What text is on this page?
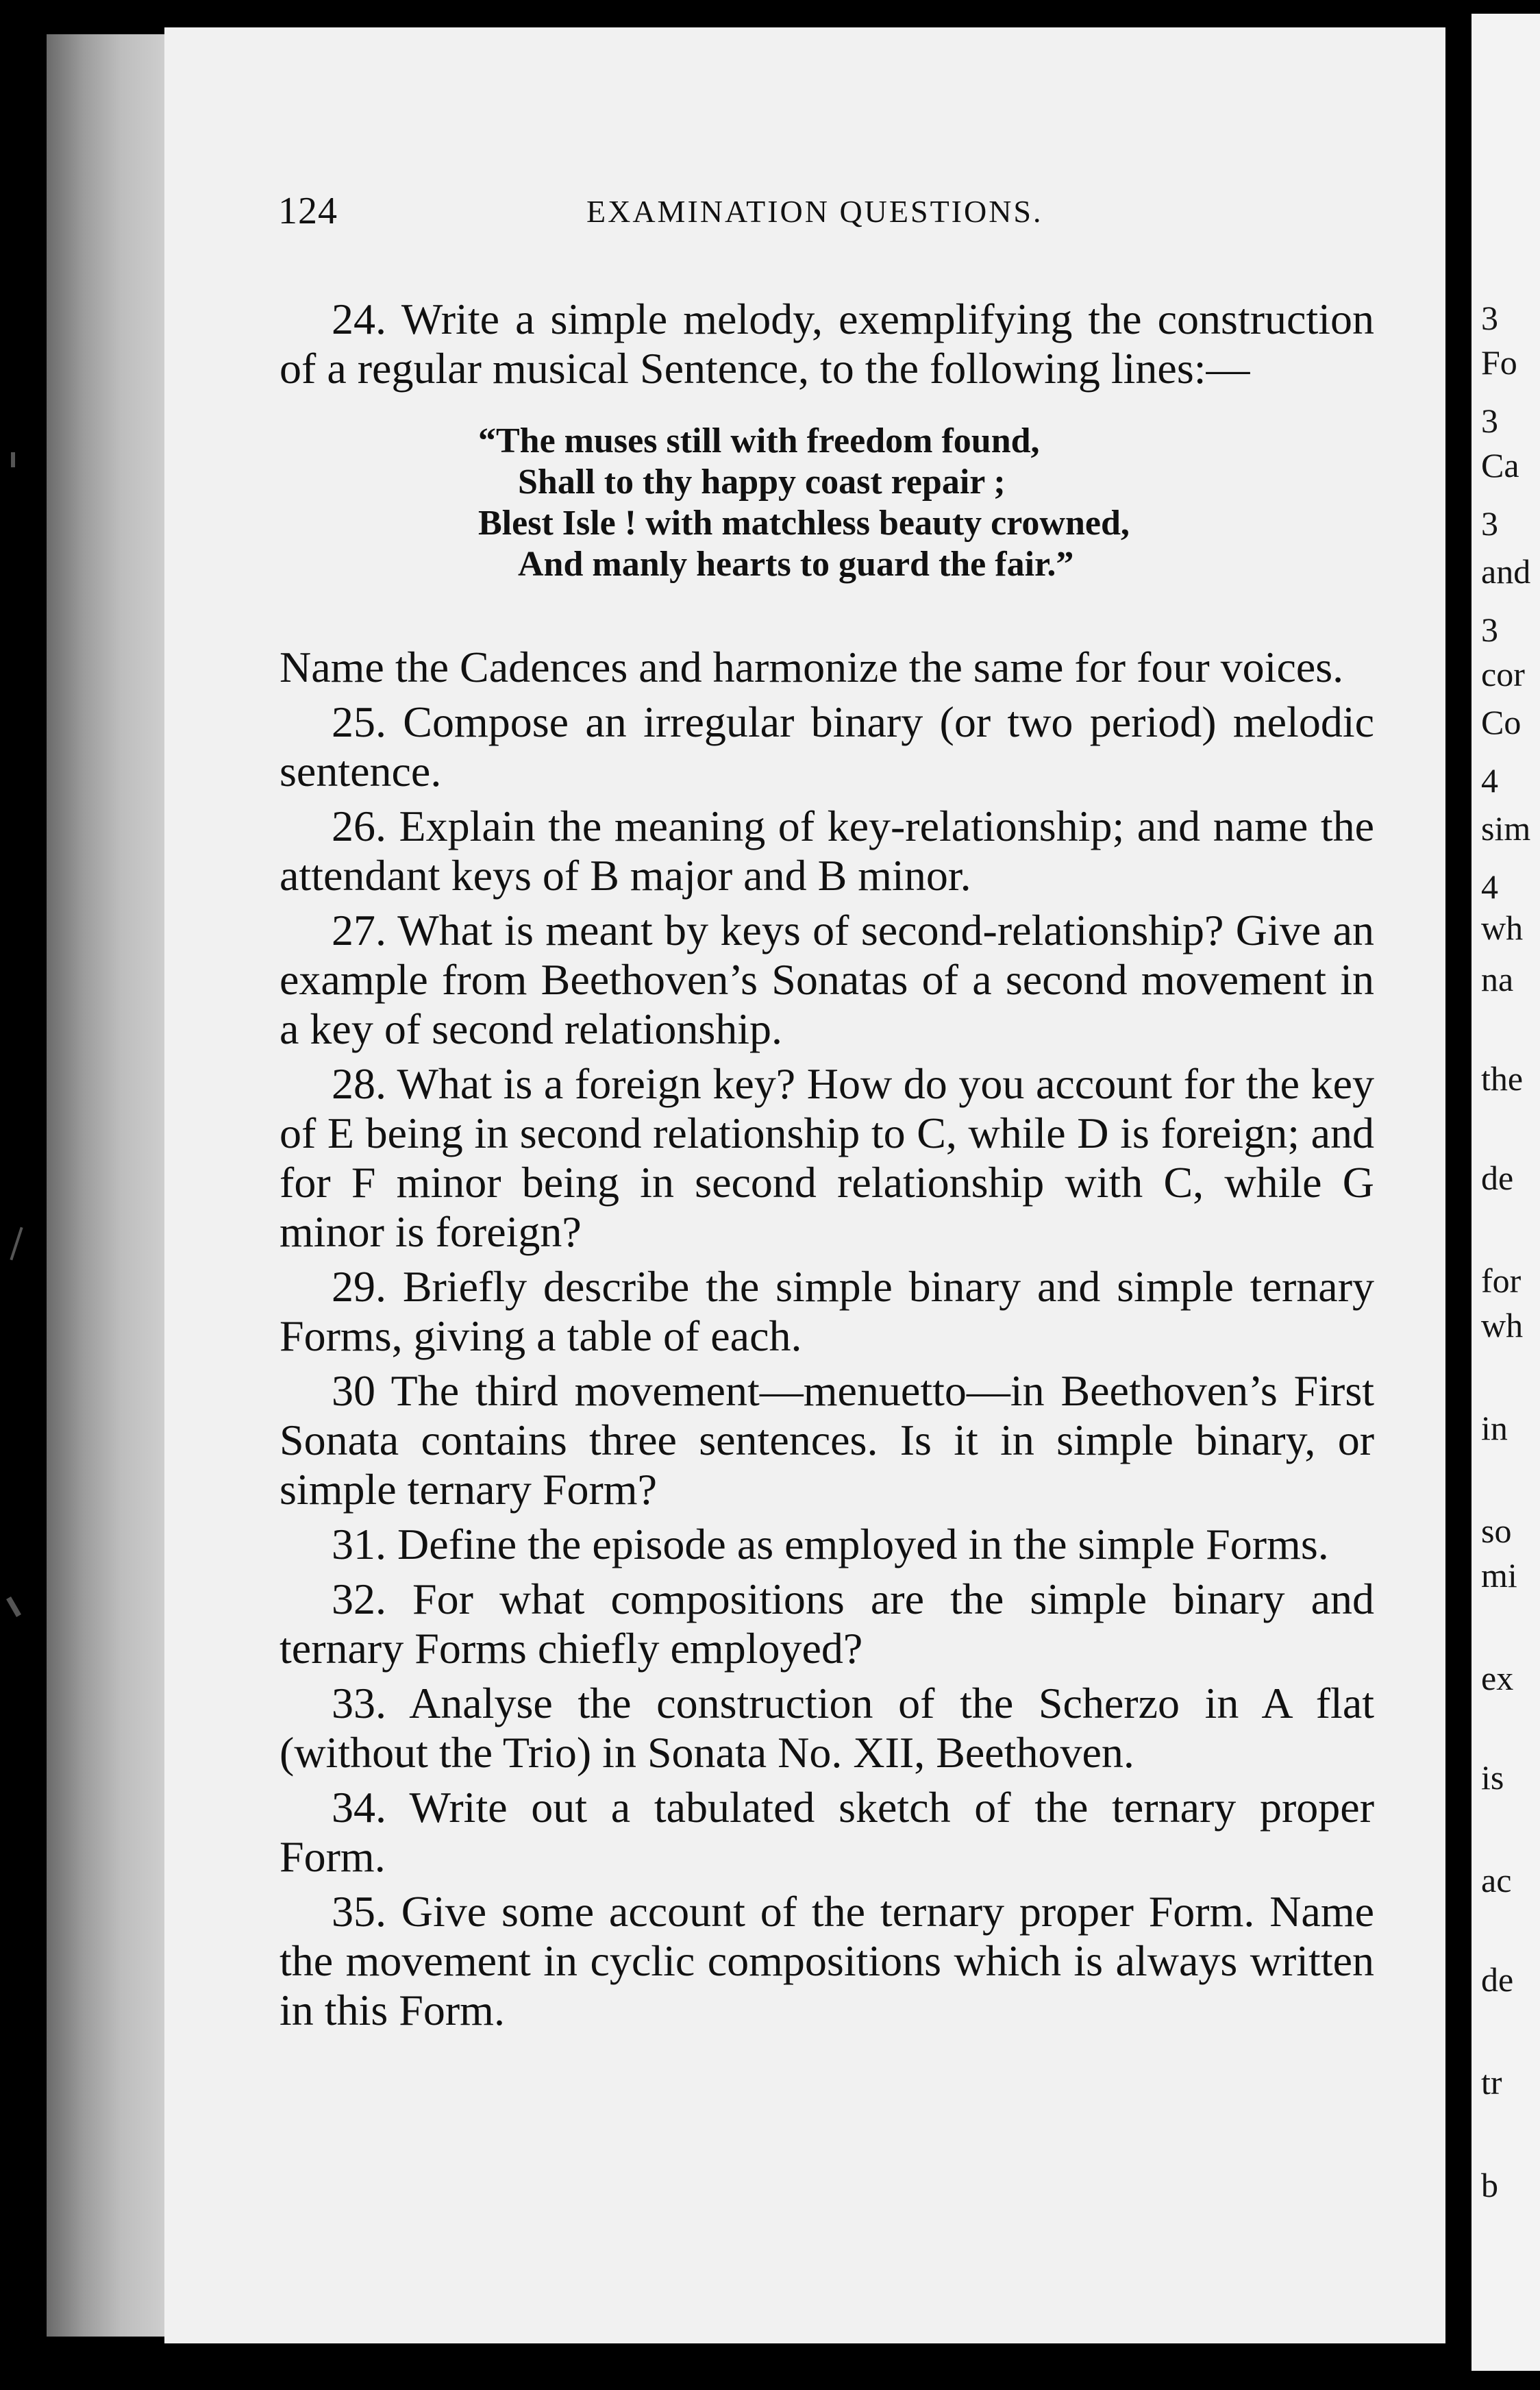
124	EXAMINATION QUESTIONS.

24. Write a simple melody, exemplifying the construction of a regular musical Sentence, to the following lines:—

“The muses still with freedom found,
Shall to thy happy coast repair ;
Blest Isle ! with matchless beauty crowned,
And manly hearts to guard the fair.”

Name the Cadences and harmonize the same for four voices.

25. Compose an irregular binary (or two period) melodic sentence.

26. Explain the meaning of key-relationship; and name the attendant keys of B major and B minor.

27. What is meant by keys of second-relationship? Give an example from Beethoven’s Sonatas of a second movement in a key of second relationship.

28. What is a foreign key? How do you account for the key of E being in second relationship to C, while D is foreign; and for F minor being in second relationship with C, while G minor is foreign?

29. Briefly describe the simple binary and simple ternary Forms, giving a table of each.

30 The third movement—menuetto—in Beethoven’s First Sonata contains three sentences. Is it in simple binary, or simple ternary Form?

31. Define the episode as employed in the simple Forms.

32. For what compositions are the simple binary and ternary Forms chiefly employed?

33. Analyse the construction of the Scherzo in A flat (without the Trio) in Sonata No. XII, Beethoven.

34. Write out a tabulated sketch of the ternary proper Form.

35. Give some account of the ternary proper Form. Name the movement in cyclic compositions which is always written in this Form.

3
Fo
3
Ca
3
and
3
cor
Co
4
sim
4
wh
na
the
de
for
wh
in
so
mi
ex
is
ac
de
tr
b
